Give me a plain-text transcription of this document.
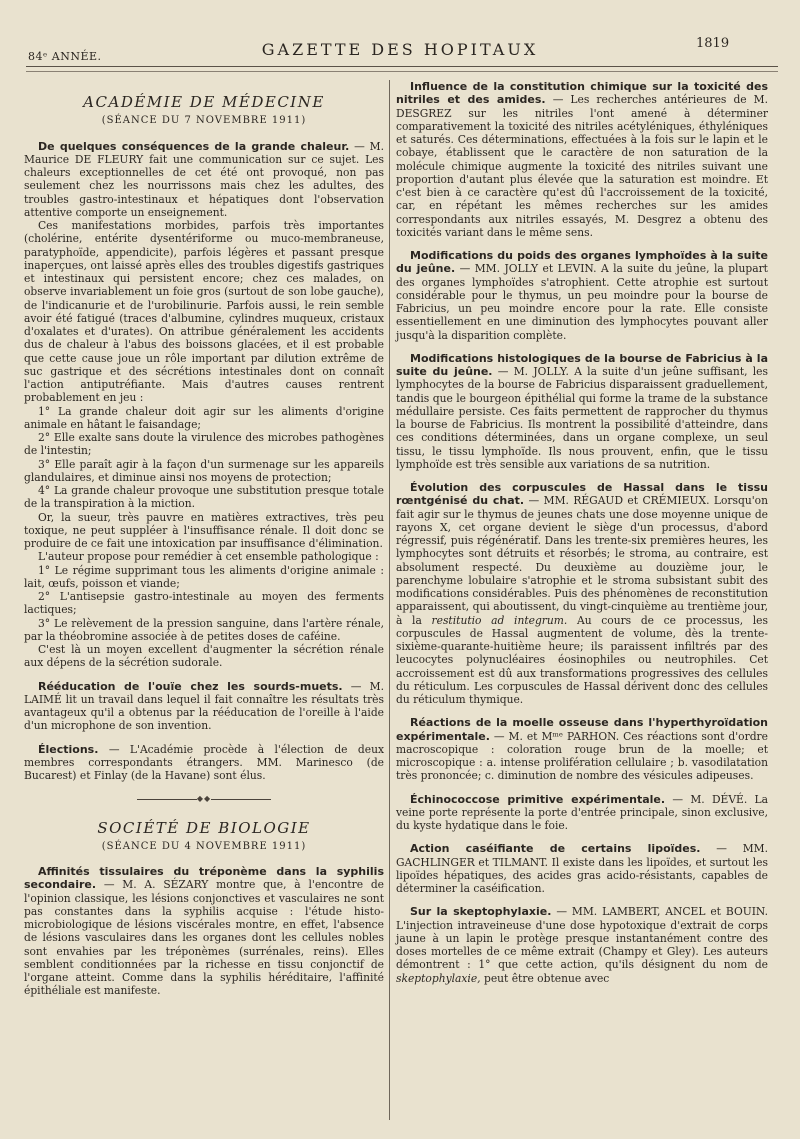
84ᵉ ANNÉE.	GAZETTE DES HOPITAUX	1819
ACADÉMIE DE MÉDECINE
(SÉANCE DU 7 NOVEMBRE 1911)

De quelques conséquences de la grande chaleur. — M. Maurice DE FLEURY fait une communication sur ce sujet. Les chaleurs exceptionnelles de cet été ont provoqué, non pas seulement chez les nourrissons mais chez les adultes, des troubles gastro-intestinaux et hépatiques dont l'observation attentive comporte un enseignement.

Ces manifestations morbides, parfois très importantes (cholérine, entérite dysentériforme ou muco-membraneuse, paratyphoïde, appendicite), parfois légères et passant presque inaperçues, ont laissé après elles des troubles digestifs gastriques et intestinaux qui persistent encore; chez ces malades, on observe invariablement un foie gros (surtout de son lobe gauche), de l'indicanurie et de l'urobilinurie. Parfois aussi, le rein semble avoir été fatigué (traces d'albumine, cylindres muqueux, cristaux d'oxalates et d'urates). On attribue généralement les accidents dus de chaleur à l'abus des boissons glacées, et il est probable que cette cause joue un rôle important par dilution extrême de suc gastrique et des sécrétions intestinales dont on connaît l'action antiputréfiante. Mais d'autres causes rentrent probablement en jeu :

1° La grande chaleur doit agir sur les aliments d'origine animale en hâtant le faisandage;

2° Elle exalte sans doute la virulence des microbes pathogènes de l'intestin;

3° Elle paraît agir à la façon d'un surmenage sur les appareils glandulaires, et diminue ainsi nos moyens de protection;

4° La grande chaleur provoque une substitution presque totale de la transpiration à la miction.

Or, la sueur, très pauvre en matières extractives, très peu toxique, ne peut suppléer à l'insuffisance rénale. Il doit donc se produire de ce fait une intoxication par insuffisance d'élimination.

L'auteur propose pour remédier à cet ensemble pathologique :

1° Le régime supprimant tous les aliments d'origine animale : lait, œufs, poisson et viande;

2° L'antisepsie gastro-intestinale au moyen des ferments lactiques;

3° Le relèvement de la pression sanguine, dans l'artère rénale, par la théobromine associée à de petites doses de caféine.

C'est là un moyen excellent d'augmenter la sécrétion rénale aux dépens de la sécrétion sudorale.

Rééducation de l'ouïe chez les sourds-muets. — M. LAIMÉ lit un travail dans lequel il fait connaître les résultats très avantageux qu'il a obtenus par la rééducation de l'oreille à l'aide d'un microphone de son invention.

Élections. — L'Académie procède à l'élection de deux membres correspondants étrangers. MM. Marinesco (de Bucarest) et Finlay (de la Havane) sont élus.

◆◆
SOCIÉTÉ DE BIOLOGIE
(SÉANCE DU 4 NOVEMBRE 1911)

Affinités tissulaires du tréponème dans la syphilis secondaire. — M. A. SÉZARY montre que, à l'encontre de l'opinion classique, les lésions conjonctives et vasculaires ne sont pas constantes dans la syphilis acquise : l'étude histo-microbiologique de lésions viscérales montre, en effet, l'absence de lésions vasculaires dans les organes dont les cellules nobles sont envahies par les tréponèmes (surrénales, reins). Elles semblent conditionnées par la richesse en tissu conjonctif de l'organe atteint. Comme dans la syphilis héréditaire, l'affinité épithéliale est manifeste.

Influence de la constitution chimique sur la toxicité des nitriles et des amides. — Les recherches antérieures de M. DESGREZ sur les nitriles l'ont amené à déterminer comparativement la toxicité des nitriles acétyléniques, éthyléniques et saturés. Ces déterminations, effectuées à la fois sur le lapin et le cobaye, établissent que le caractère de non saturation de la molécule chimique augmente la toxicité des nitriles suivant une proportion d'autant plus élevée que la saturation est moindre. Et c'est bien à ce caractère qu'est dû l'accroissement de la toxicité, car, en répétant les mêmes recherches sur les amides correspondants aux nitriles essayés, M. Desgrez a obtenu des toxicités variant dans le même sens.

Modifications du poids des organes lymphoïdes à la suite du jeûne. — MM. JOLLY et LEVIN. A la suite du jeûne, la plupart des organes lymphoïdes s'atrophient. Cette atrophie est surtout considérable pour le thymus, un peu moindre pour la bourse de Fabricius, un peu moindre encore pour la rate. Elle consiste essentiellement en une diminution des lymphocytes pouvant aller jusqu'à la disparition complète.

Modifications histologiques de la bourse de Fabricius à la suite du jeûne. — M. JOLLY. A la suite d'un jeûne suffisant, les lymphocytes de la bourse de Fabricius disparaissent graduellement, tandis que le bourgeon épithélial qui forme la trame de la substance médullaire persiste. Ces faits permettent de rapprocher du thymus la bourse de Fabricius. Ils montrent la possibilité d'atteindre, dans ces conditions déterminées, dans un organe complexe, un seul tissu, le tissu lymphoïde. Ils nous prouvent, enfin, que le tissu lymphoïde est très sensible aux variations de sa nutrition.

Évolution des corpuscules de Hassal dans le tissu rœntgénisé du chat. — MM. RÉGAUD et CRÉMIEUX. Lorsqu'on fait agir sur le thymus de jeunes chats une dose moyenne unique de rayons X, cet organe devient le siège d'un processus, d'abord régressif, puis régénératif. Dans les trente-six premières heures, les lymphocytes sont détruits et résorbés; le stroma, au contraire, est absolument respecté. Du deuxième au douzième jour, le parenchyme lobulaire s'atrophie et le stroma subsistant subit des modifications considérables. Puis des phénomènes de reconstitution apparaissent, qui aboutissent, du vingt-cinquième au trentième jour, à la restitutio ad integrum. Au cours de ce processus, les corpuscules de Hassal augmentent de volume, dès la trente-sixième-quarante-huitième heure; ils paraissent infiltrés par des leucocytes polynucléaires éosinophiles ou neutrophiles. Cet accroissement est dû aux transformations progressives des cellules du réticulum. Les corpuscules de Hassal dérivent donc des cellules du réticulum thymique.

Réactions de la moelle osseuse dans l'hyperthyroïdation expérimentale. — M. et Mᵐᵉ PARHON. Ces réactions sont d'ordre macroscopique : coloration rouge brun de la moelle; et microscopique : a. intense prolifération cellulaire ; b. vasodilatation très prononcée; c. diminution de nombre des vésicules adipeuses.

Échinococcose primitive expérimentale. — M. DÉVÉ. La veine porte représente la porte d'entrée principale, sinon exclusive, du kyste hydatique dans le foie.

Action caséifiante de certains lipoïdes. — MM. GACHLINGER et TILMANT. Il existe dans les lipoïdes, et surtout les lipoïdes hépatiques, des acides gras acido-résistants, capables de déterminer la caséification.

Sur la skeptophylaxie. — MM. LAMBERT, ANCEL et BOUIN. L'injection intraveineuse d'une dose hypotoxique d'extrait de corps jaune à un lapin le protège presque instantanément contre des doses mortelles de ce même extrait (Champy et Gley). Les auteurs démontrent : 1° que cette action, qu'ils désignent du nom de skeptophylaxie, peut être obtenue avec
